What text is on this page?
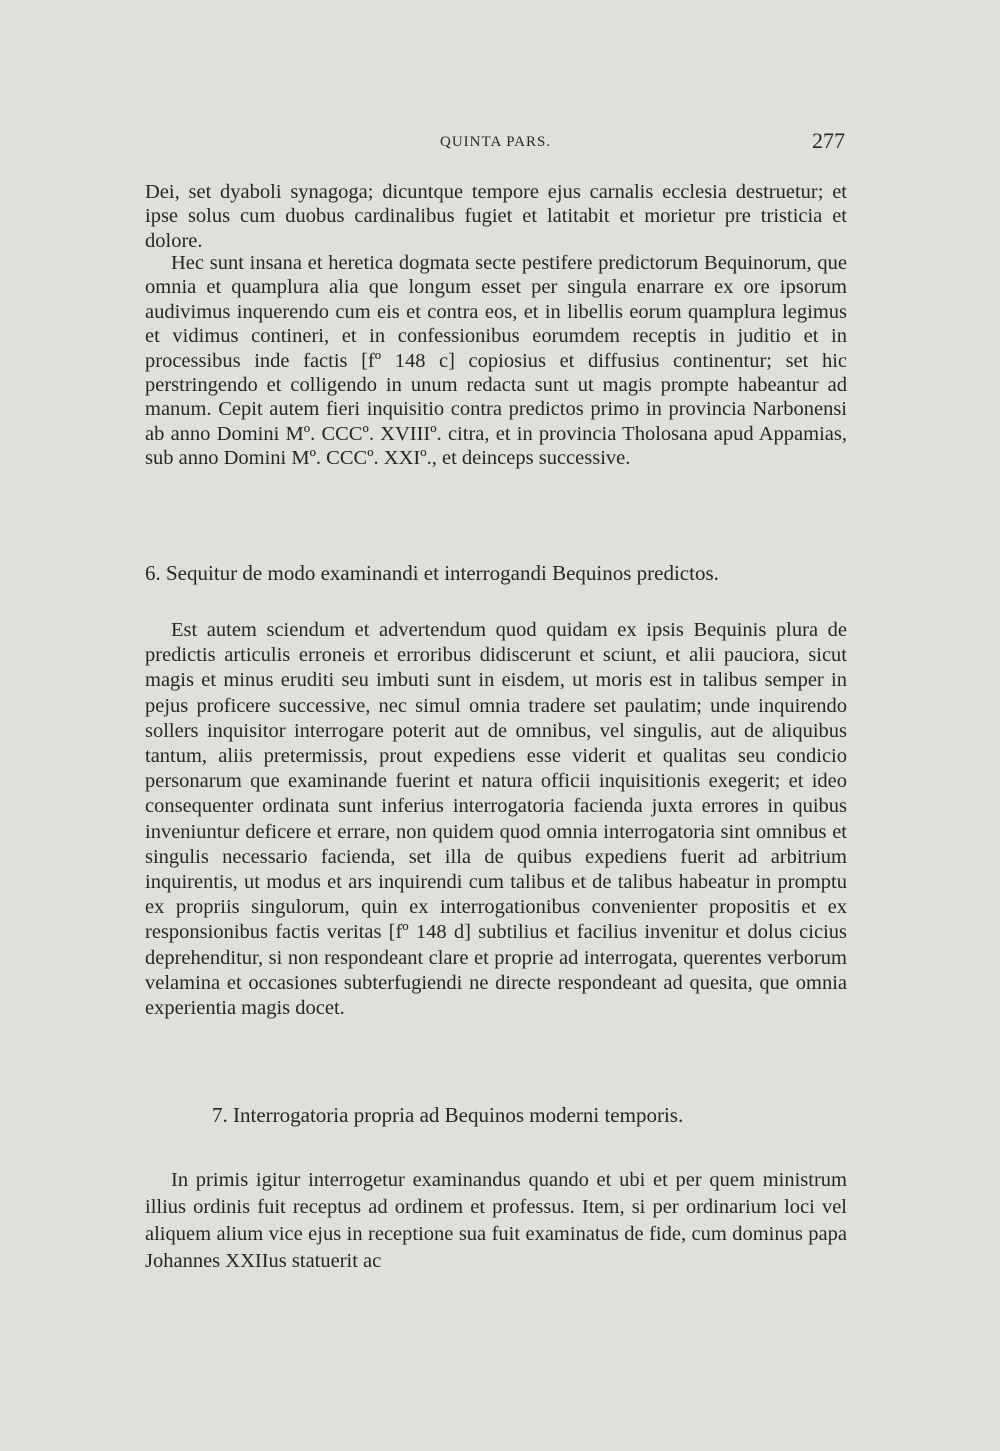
QUINTA PARS.	277

Dei, set dyaboli synagoga; dicuntque tempore ejus carnalis ecclesia destruetur; et ipse solus cum duobus cardinalibus fugiet et latitabit et morietur pre tristicia et dolore.

Hec sunt insana et heretica dogmata secte pestifere predictorum Bequinorum, que omnia et quamplura alia que longum esset per singula enarrare ex ore ipsorum audivimus inquerendo cum eis et contra eos, et in libellis eorum quamplura legimus et vidimus contineri, et in confessionibus eorumdem receptis in juditio et in processibus inde factis [fº 148 c] copiosius et diffusius continentur; set hic perstringendo et colligendo in unum redacta sunt ut magis prompte habeantur ad manum. Cepit autem fieri inquisitio contra predictos primo in provincia Narbonensi ab anno Domini Mº. CCCº. XVIIIº. citra, et in provincia Tholosana apud Appamias, sub anno Domini Mº. CCCº. XXIº., et deinceps successive.

6. Sequitur de modo examinandi et interrogandi Bequinos predictos.

Est autem sciendum et advertendum quod quidam ex ipsis Bequinis plura de predictis articulis erroneis et erroribus didiscerunt et sciunt, et alii pauciora, sicut magis et minus eruditi seu imbuti sunt in eisdem, ut moris est in talibus semper in pejus proficere successive, nec simul omnia tradere set paulatim; unde inquirendo sollers inquisitor interrogare poterit aut de omnibus, vel singulis, aut de aliquibus tantum, aliis pretermissis, prout expediens esse viderit et qualitas seu condicio personarum que examinande fuerint et natura officii inquisitionis exegerit; et ideo consequenter ordinata sunt inferius interrogatoria facienda juxta errores in quibus inveniuntur deficere et errare, non quidem quod omnia interrogatoria sint omnibus et singulis necessario facienda, set illa de quibus expediens fuerit ad arbitrium inquirentis, ut modus et ars inquirendi cum talibus et de talibus habeatur in promptu ex propriis singulorum, quin ex interrogationibus convenienter propositis et ex responsionibus factis veritas [fº 148 d] subtilius et facilius invenitur et dolus cicius deprehenditur, si non respondeant clare et proprie ad interrogata, querentes verborum velamina et occasiones subterfugiendi ne directe respondeant ad quesita, que omnia experientia magis docet.

7. Interrogatoria propria ad Bequinos moderni temporis.

In primis igitur interrogetur examinandus quando et ubi et per quem ministrum illius ordinis fuit receptus ad ordinem et professus. Item, si per ordinarium loci vel aliquem alium vice ejus in receptione sua fuit examinatus de fide, cum dominus papa Johannes XXIIus statuerit ac
